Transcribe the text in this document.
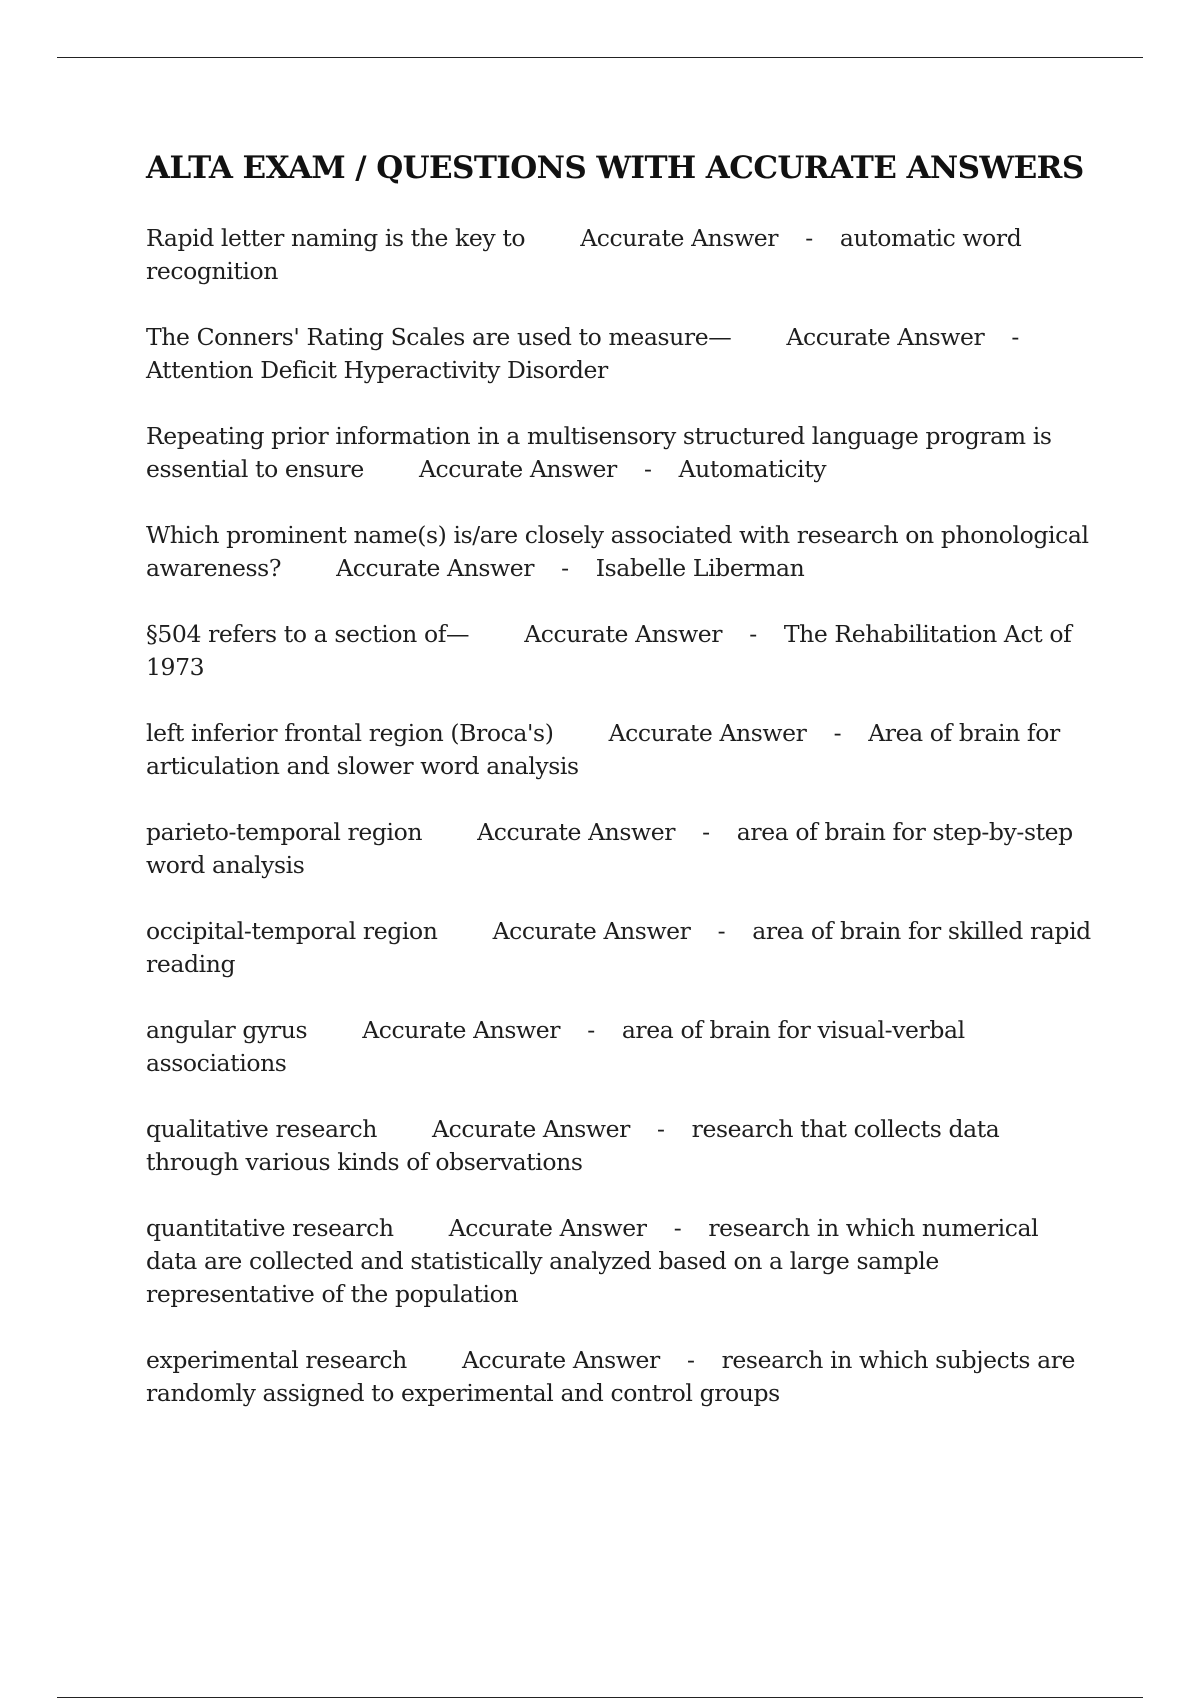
ALTA EXAM / QUESTIONS WITH ACCURATE ANSWERS
Rapid letter naming is the key to Accurate Answer - automatic word recognition
The Conners' Rating Scales are used to measure— Accurate Answer - Attention Deficit Hyperactivity Disorder
Repeating prior information in a multisensory structured language program is essential to ensure Accurate Answer - Automaticity
Which prominent name(s) is/are closely associated with research on phonological awareness? Accurate Answer - Isabelle Liberman
§504 refers to a section of— Accurate Answer - The Rehabilitation Act of 1973
left inferior frontal region (Broca's) Accurate Answer - Area of brain for articulation and slower word analysis
parieto-temporal region Accurate Answer - area of brain for step-by-step word analysis
occipital-temporal region Accurate Answer - area of brain for skilled rapid reading
angular gyrus Accurate Answer - area of brain for visual-verbal associations
qualitative research Accurate Answer - research that collects data through various kinds of observations
quantitative research Accurate Answer - research in which numerical data are collected and statistically analyzed based on a large sample representative of the population
experimental research Accurate Answer - research in which subjects are randomly assigned to experimental and control groups
